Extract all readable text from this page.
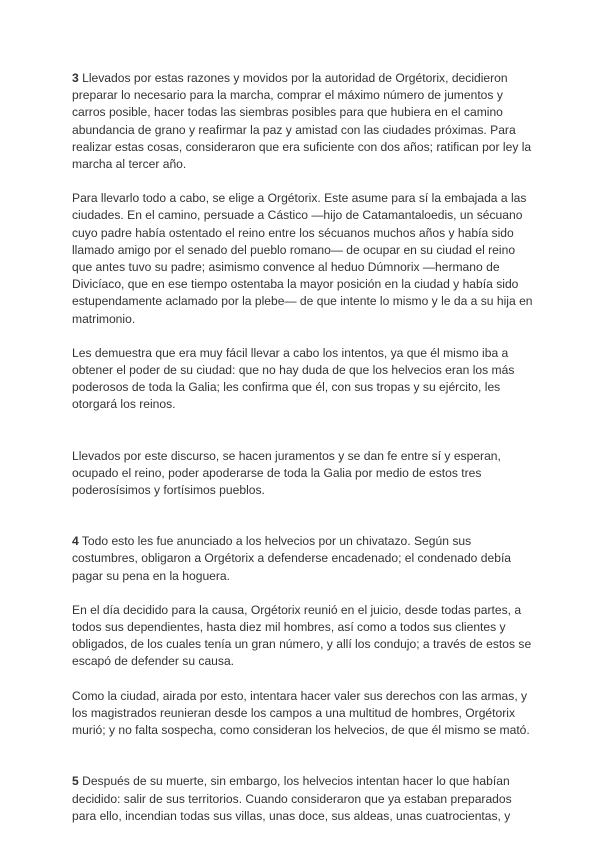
3 Llevados por estas razones y movidos por la autoridad de Orgétorix, decidieron preparar lo necesario para la marcha, comprar el máximo número de jumentos y carros posible, hacer todas las siembras posibles para que hubiera en el camino abundancia de grano y reafirmar la paz y amistad con las ciudades próximas. Para realizar estas cosas, consideraron que era suficiente con dos años; ratifican por ley la marcha al tercer año.

Para llevarlo todo a cabo, se elige a Orgétorix. Este asume para sí la embajada a las ciudades. En el camino, persuade a Cástico —hijo de Catamantaloedis, un sécuano cuyo padre había ostentado el reino entre los sécuanos muchos años y había sido llamado amigo por el senado del pueblo romano— de ocupar en su ciudad el reino que antes tuvo su padre; asimismo convence al heduo Dúmnorix —hermano de Divicíaco, que en ese tiempo ostentaba la mayor posición en la ciudad y había sido estupendamente aclamado por la plebe— de que intente lo mismo y le da a su hija en matrimonio.

Les demuestra que era muy fácil llevar a cabo los intentos, ya que él mismo iba a obtener el poder de su ciudad: que no hay duda de que los helvecios eran los más poderosos de toda la Galia; les confirma que él, con sus tropas y su ejército, les otorgará los reinos.

Llevados por este discurso, se hacen juramentos y se dan fe entre sí y esperan, ocupado el reino, poder apoderarse de toda la Galia por medio de estos tres poderosísimos y fortísimos pueblos.

4 Todo esto les fue anunciado a los helvecios por un chivatazo. Según sus costumbres, obligaron a Orgétorix a defenderse encadenado; el condenado debía pagar su pena en la hoguera.

En el día decidido para la causa, Orgétorix reunió en el juicio, desde todas partes, a todos sus dependientes, hasta diez mil hombres, así como a todos sus clientes y obligados, de los cuales tenía un gran número, y allí los condujo; a través de estos se escapó de defender su causa.

Como la ciudad, airada por esto, intentara hacer valer sus derechos con las armas, y los magistrados reunieran desde los campos a una multitud de hombres, Orgétorix murió; y no falta sospecha, como consideran los helvecios, de que él mismo se mató.

5 Después de su muerte, sin embargo, los helvecios intentan hacer lo que habían decidido: salir de sus territorios. Cuando consideraron que ya estaban preparados para ello, incendian todas sus villas, unas doce, sus aldeas, unas cuatrocientas, y
